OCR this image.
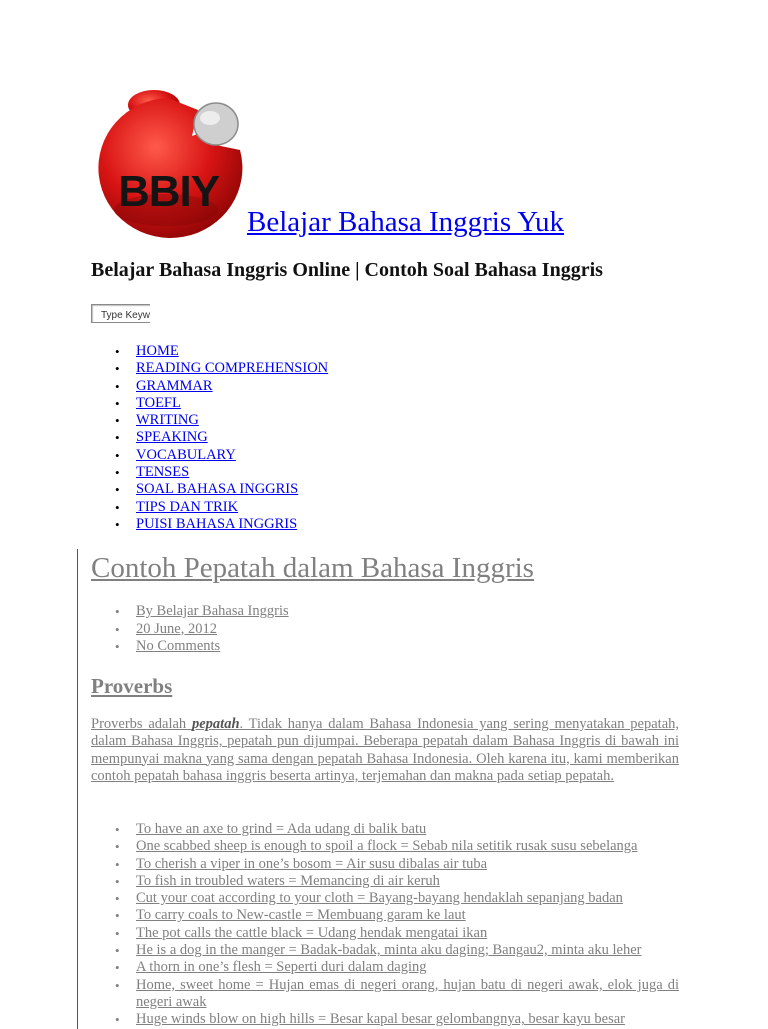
BBIY
Belajar Bahasa Inggris Yuk
Belajar Bahasa Inggris Online | Contoh Soal Bahasa Inggris
Type Keyw
• HOME
• READING COMPREHENSION
• GRAMMAR
• TOEFL
• WRITING
• SPEAKING
• VOCABULARY
• TENSES
• SOAL BAHASA INGGRIS
• TIPS DAN TRIK
• PUISI BAHASA INGGRIS
Contoh Pepatah dalam Bahasa Inggris
• By Belajar Bahasa Inggris
• 20 June, 2012
• No Comments
Proverbs

Proverbs adalah pepatah. Tidak hanya dalam Bahasa Indonesia yang sering menyatakan pepatah, dalam Bahasa Inggris, pepatah pun dijumpai. Beberapa pepatah dalam Bahasa Inggris di bawah ini mempunyai makna yang sama dengan pepatah Bahasa Indonesia. Oleh karena itu, kami memberikan contoh pepatah bahasa inggris beserta artinya, terjemahan dan makna pada setiap pepatah.

• To have an axe to grind = Ada udang di balik batu
• One scabbed sheep is enough to spoil a flock = Sebab nila setitik rusak susu sebelanga
• To cherish a viper in one’s bosom = Air susu dibalas air tuba
• To fish in troubled waters = Memancing di air keruh
• Cut your coat according to your cloth = Bayang-bayang hendaklah sepanjang badan
• To carry coals to New-castle = Membuang garam ke laut
• The pot calls the cattle black = Udang hendak mengatai ikan
• He is a dog in the manger = Badak-badak, minta aku daging; Bangau2, minta aku leher
• A thorn in one’s flesh = Seperti duri dalam daging
• Home, sweet home = Hujan emas di negeri orang, hujan batu di negeri awak, elok juga di negeri awak
• Huge winds blow on high hills = Besar kapal besar gelombangnya, besar kayu besar
